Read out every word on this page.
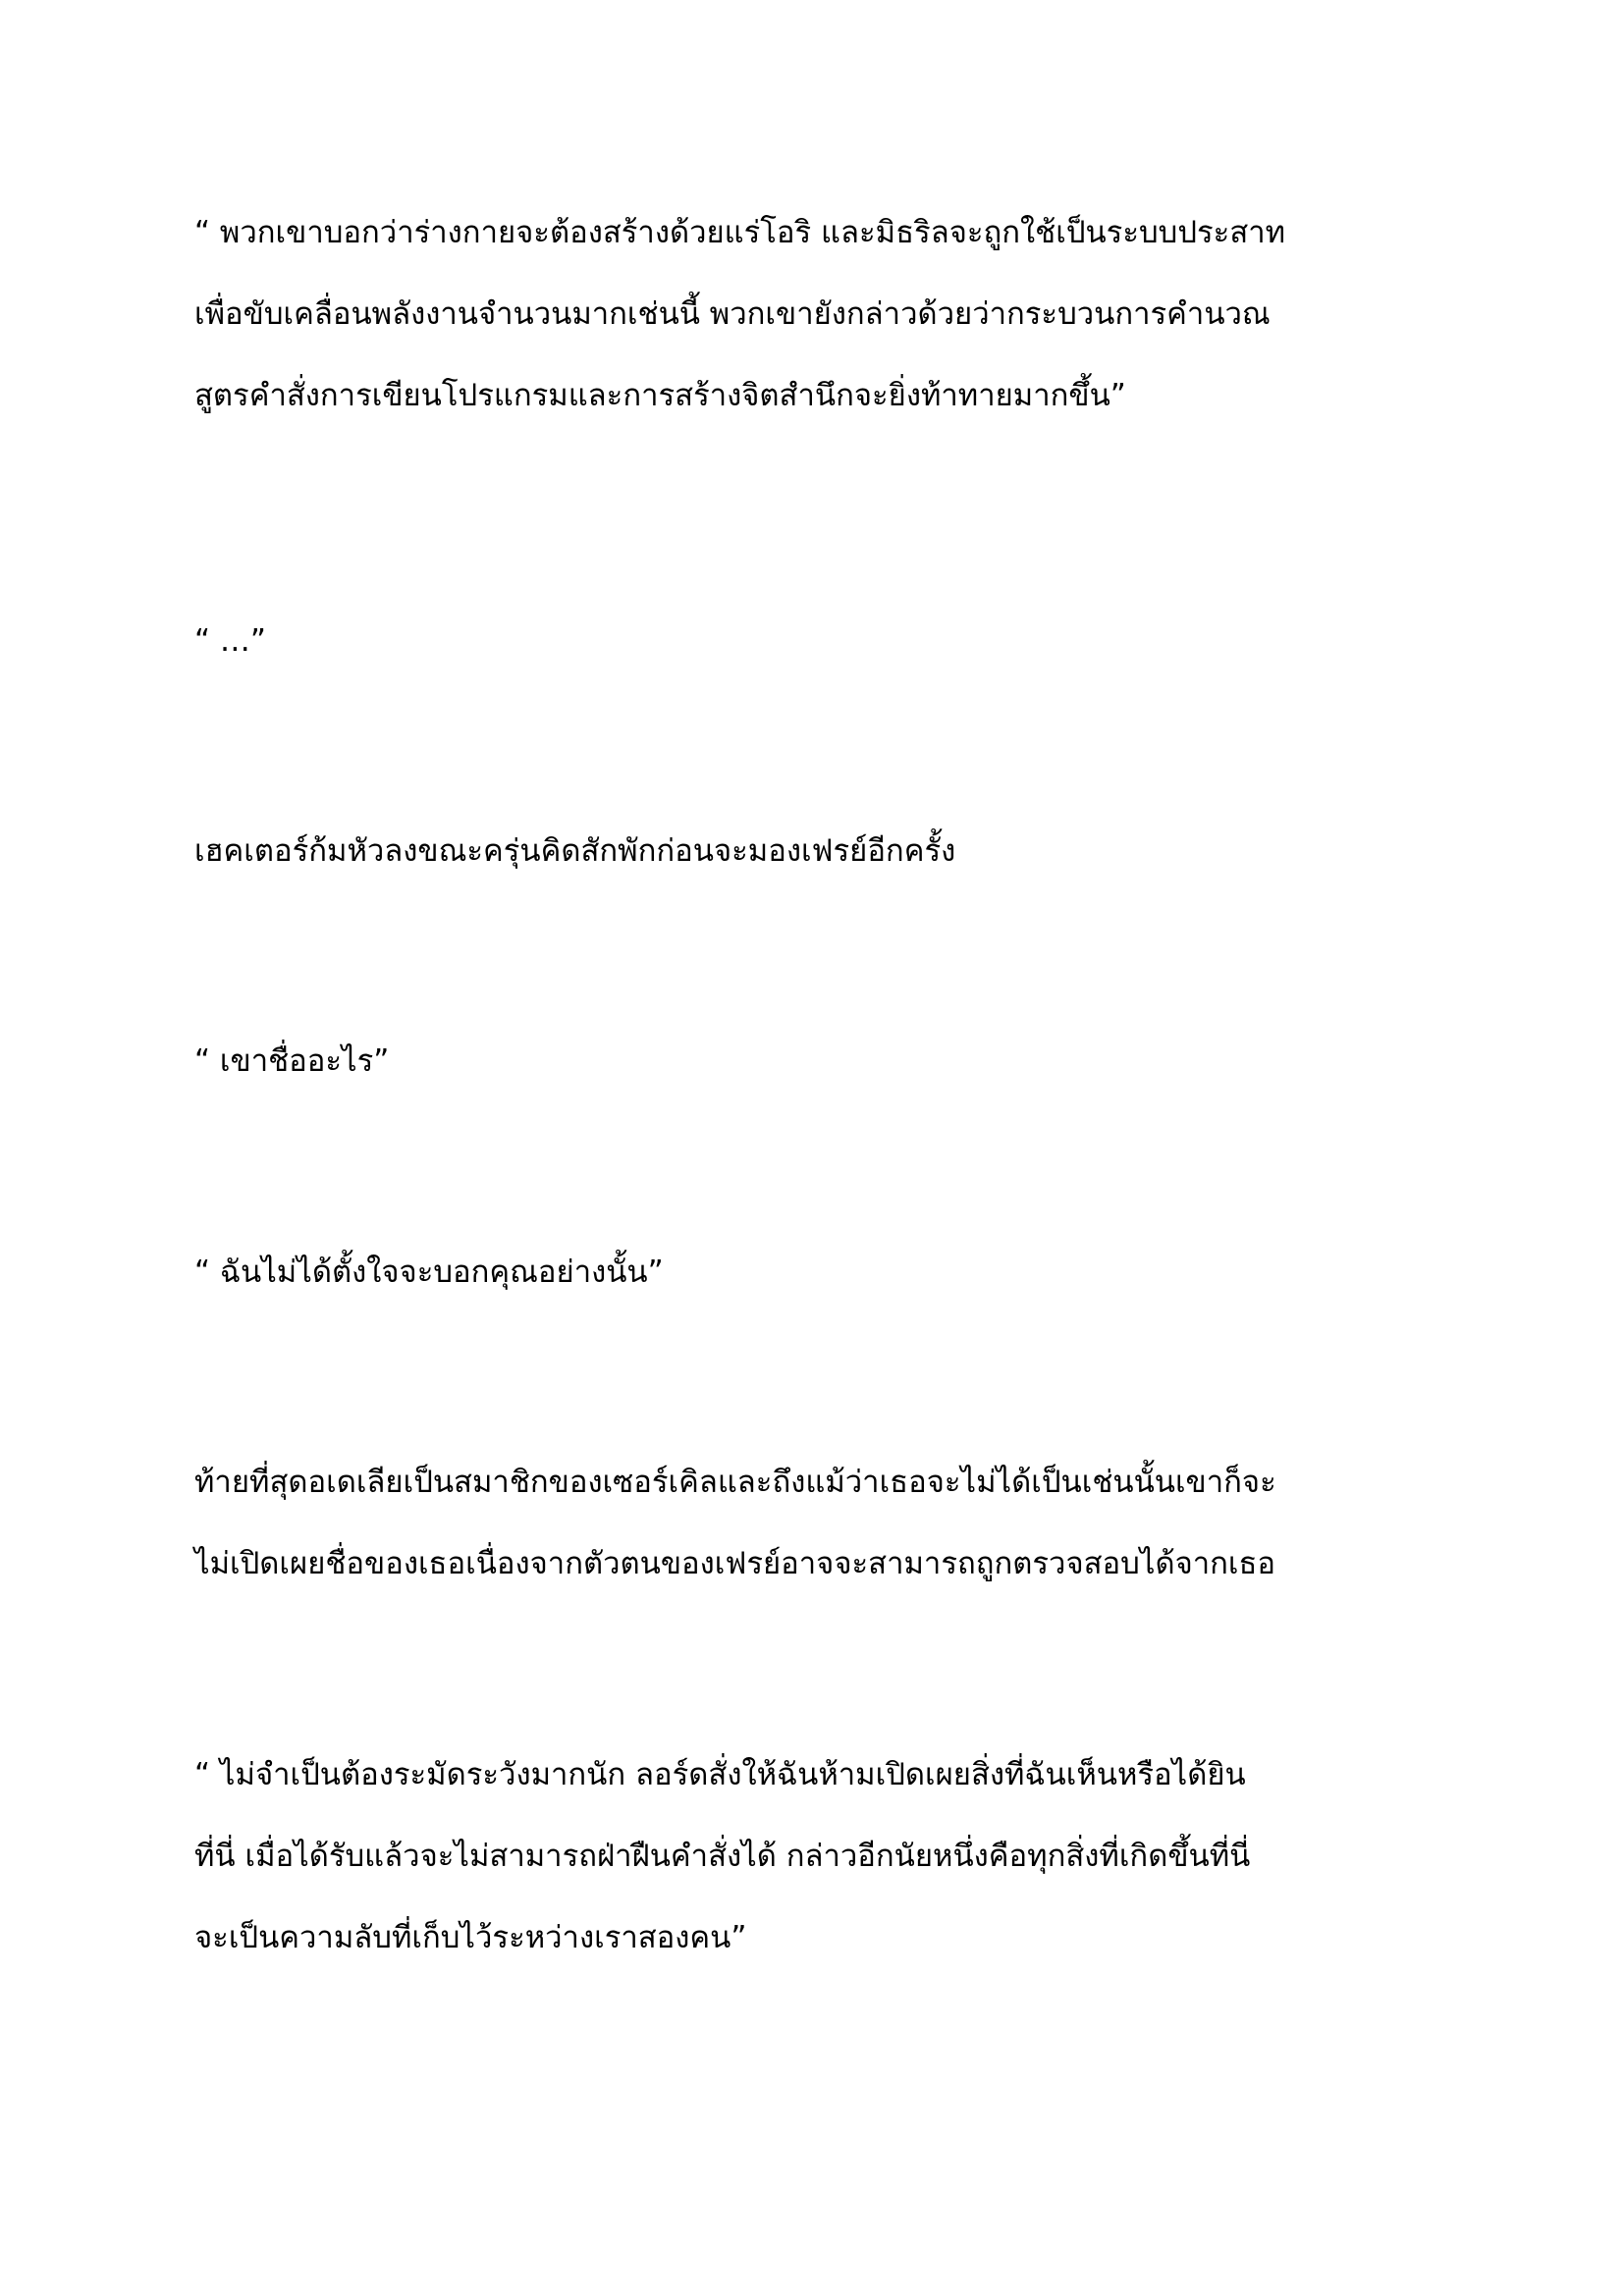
“ พวกเขาบอกว่าร่างกายจะต้องสร้างด้วยแร่โอริ และมิธริลจะถูกใช้เป็นระบบประสาท
เพื่อขับเคลื่อนพลังงานจำนวนมากเช่นนี้ พวกเขายังกล่าวด้วยว่ากระบวนการคำนวณ
สูตรคำสั่งการเขียนโปรแกรมและการสร้างจิตสำนึกจะยิ่งท้าทายมากขึ้น”
“ …”
เฮคเตอร์ก้มหัวลงขณะครุ่นคิดสักพักก่อนจะมองเฟรย์อีกครั้ง
“ เขาชื่ออะไร”
“ ฉันไม่ได้ตั้งใจจะบอกคุณอย่างนั้น”
ท้ายที่สุดอเดเลียเป็นสมาชิกของเซอร์เคิลและถึงแม้ว่าเธอจะไม่ได้เป็นเช่นนั้นเขาก็จะ
ไม่เปิดเผยชื่อของเธอเนื่องจากตัวตนของเฟรย์อาจจะสามารถถูกตรวจสอบได้จากเธอ
“ ไม่จำเป็นต้องระมัดระวังมากนัก ลอร์ดสั่งให้ฉันห้ามเปิดเผยสิ่งที่ฉันเห็นหรือได้ยิน
ที่นี่ เมื่อได้รับแล้วจะไม่สามารถฝ่าฝืนคำสั่งได้ กล่าวอีกนัยหนึ่งคือทุกสิ่งที่เกิดขึ้นที่นี่
จะเป็นความลับที่เก็บไว้ระหว่างเราสองคน”
